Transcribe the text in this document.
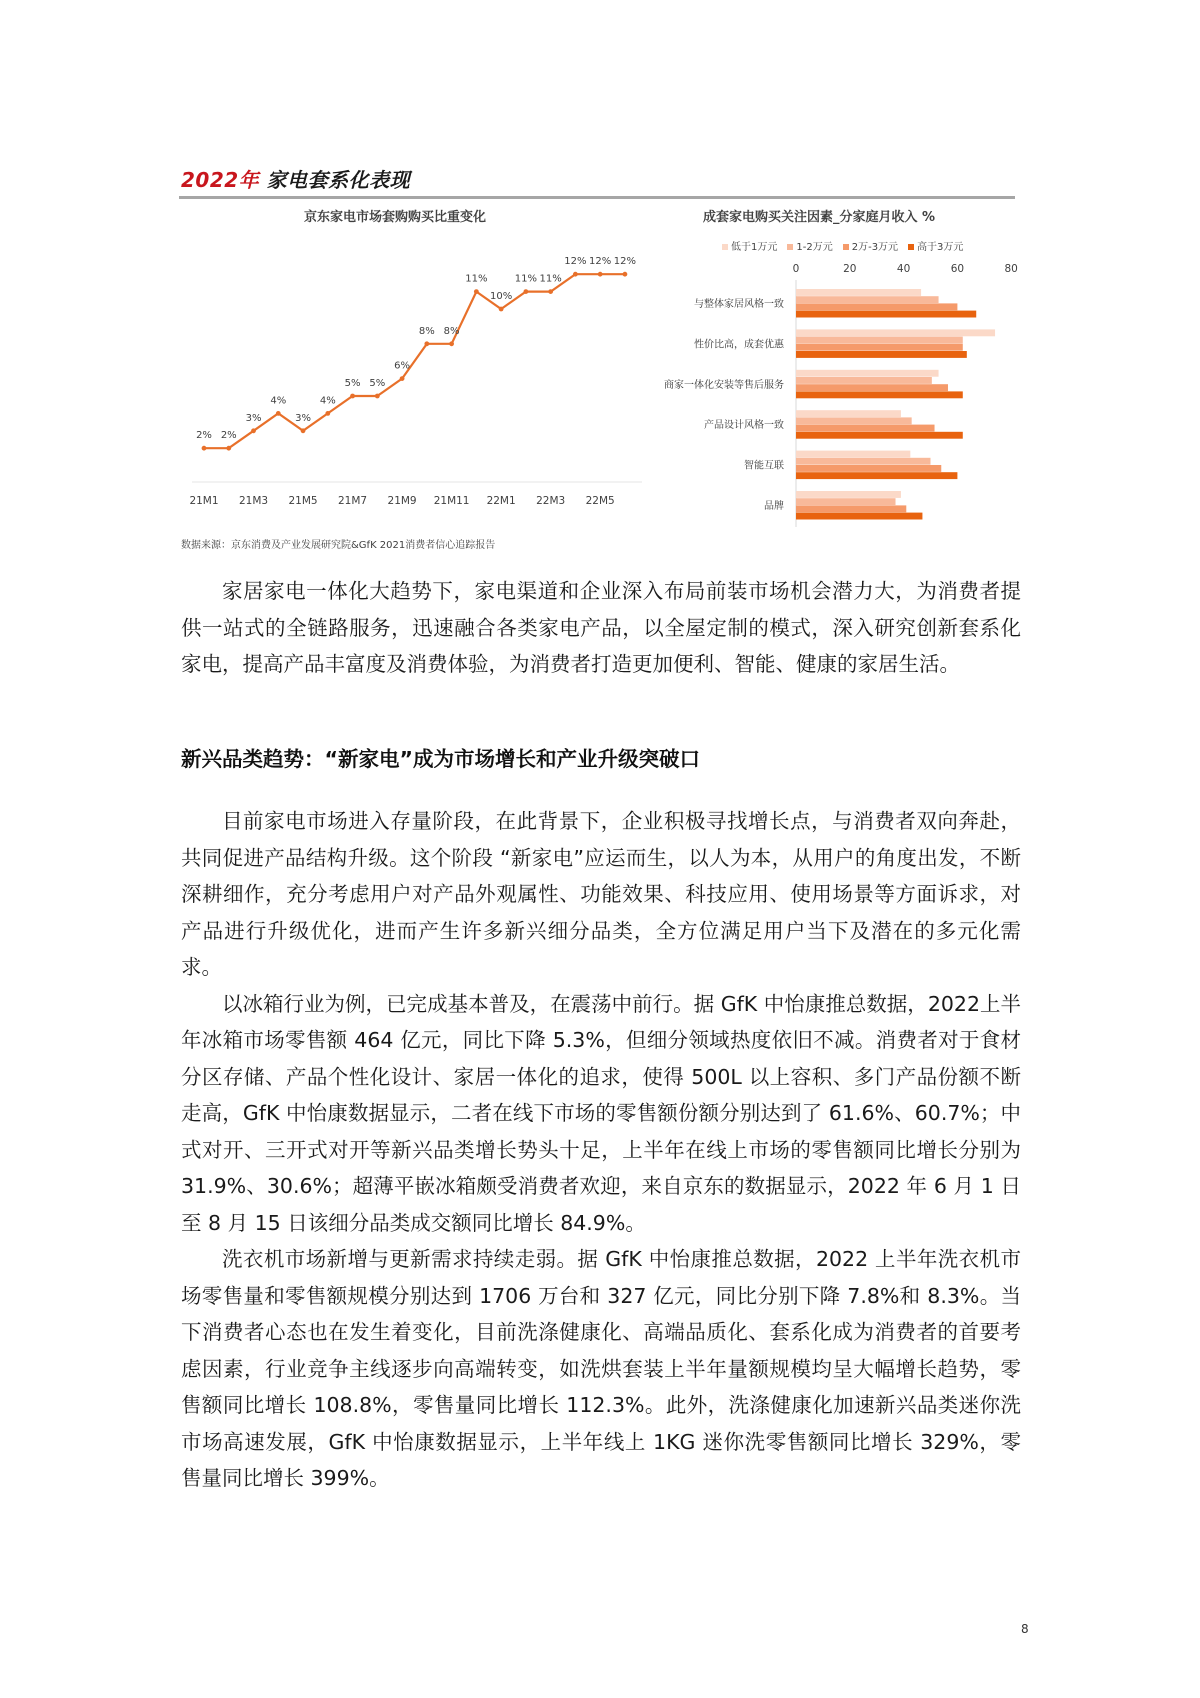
2022年 家电套系化表现
京东家电市场套购购买比重变化
2% 2%
3%
4%
3%
4%
5% 5%
6%
8% 8%
11%
10%
11% 11%
12% 12% 12%
21M1 21M3 21M5 21M7 21M9 21M11 22M1 22M3 22M5
成套家电购买关注因素_分家庭月收入 %
低于1万元	1-2万元	2万-3万元	高于3万元
0	20	40	60	80
与整体家居风格一致
性价比高，成套优惠
商家一体化安装等售后服务
产品设计风格一致
智能互联
品牌
数据来源：京东消费及产业发展研究院&GfK 2021消费者信心追踪报告

家居家电一体化大趋势下，家电渠道和企业深入布局前装市场机会潜力大，为消费者提供一站式的全链路服务，迅速融合各类家电产品，以全屋定制的模式，深入研究创新套系化家电，提高产品丰富度及消费体验，为消费者打造更加便利、智能、健康的家居生活。

新兴品类趋势：“新家电”成为市场增长和产业升级突破口

目前家电市场进入存量阶段，在此背景下，企业积极寻找增长点，与消费者双向奔赴，共同促进产品结构升级。这个阶段 “新家电”应运而生，以人为本，从用户的角度出发，不断深耕细作，充分考虑用户对产品外观属性、功能效果、科技应用、使用场景等方面诉求，对产品进行升级优化，进而产生许多新兴细分品类，全方位满足用户当下及潜在的多元化需求。

以冰箱行业为例，已完成基本普及，在震荡中前行。据 GfK 中怡康推总数据，2022上半年冰箱市场零售额 464 亿元，同比下降 5.3%，但细分领域热度依旧不减。消费者对于食材分区存储、产品个性化设计、家居一体化的追求，使得 500L 以上容积、多门产品份额不断走高，GfK 中怡康数据显示，二者在线下市场的零售额份额分别达到了 61.6%、60.7%；中式对开、三开式对开等新兴品类增长势头十足，上半年在线上市场的零售额同比增长分别为 31.9%、30.6%；超薄平嵌冰箱颇受消费者欢迎，来自京东的数据显示，2022 年 6 月 1 日至 8 月 15 日该细分品类成交额同比增长 84.9%。

洗衣机市场新增与更新需求持续走弱。据 GfK 中怡康推总数据，2022 上半年洗衣机市场零售量和零售额规模分别达到 1706 万台和 327 亿元，同比分别下降 7.8%和 8.3%。当下消费者心态也在发生着变化，目前洗涤健康化、高端品质化、套系化成为消费者的首要考虑因素，行业竞争主线逐步向高端转变，如洗烘套装上半年量额规模均呈大幅增长趋势，零售额同比增长 108.8%，零售量同比增长 112.3%。此外，洗涤健康化加速新兴品类迷你洗市场高速发展，GfK 中怡康数据显示，上半年线上 1KG 迷你洗零售额同比增长 329%，零售量同比增长 399%。

8
